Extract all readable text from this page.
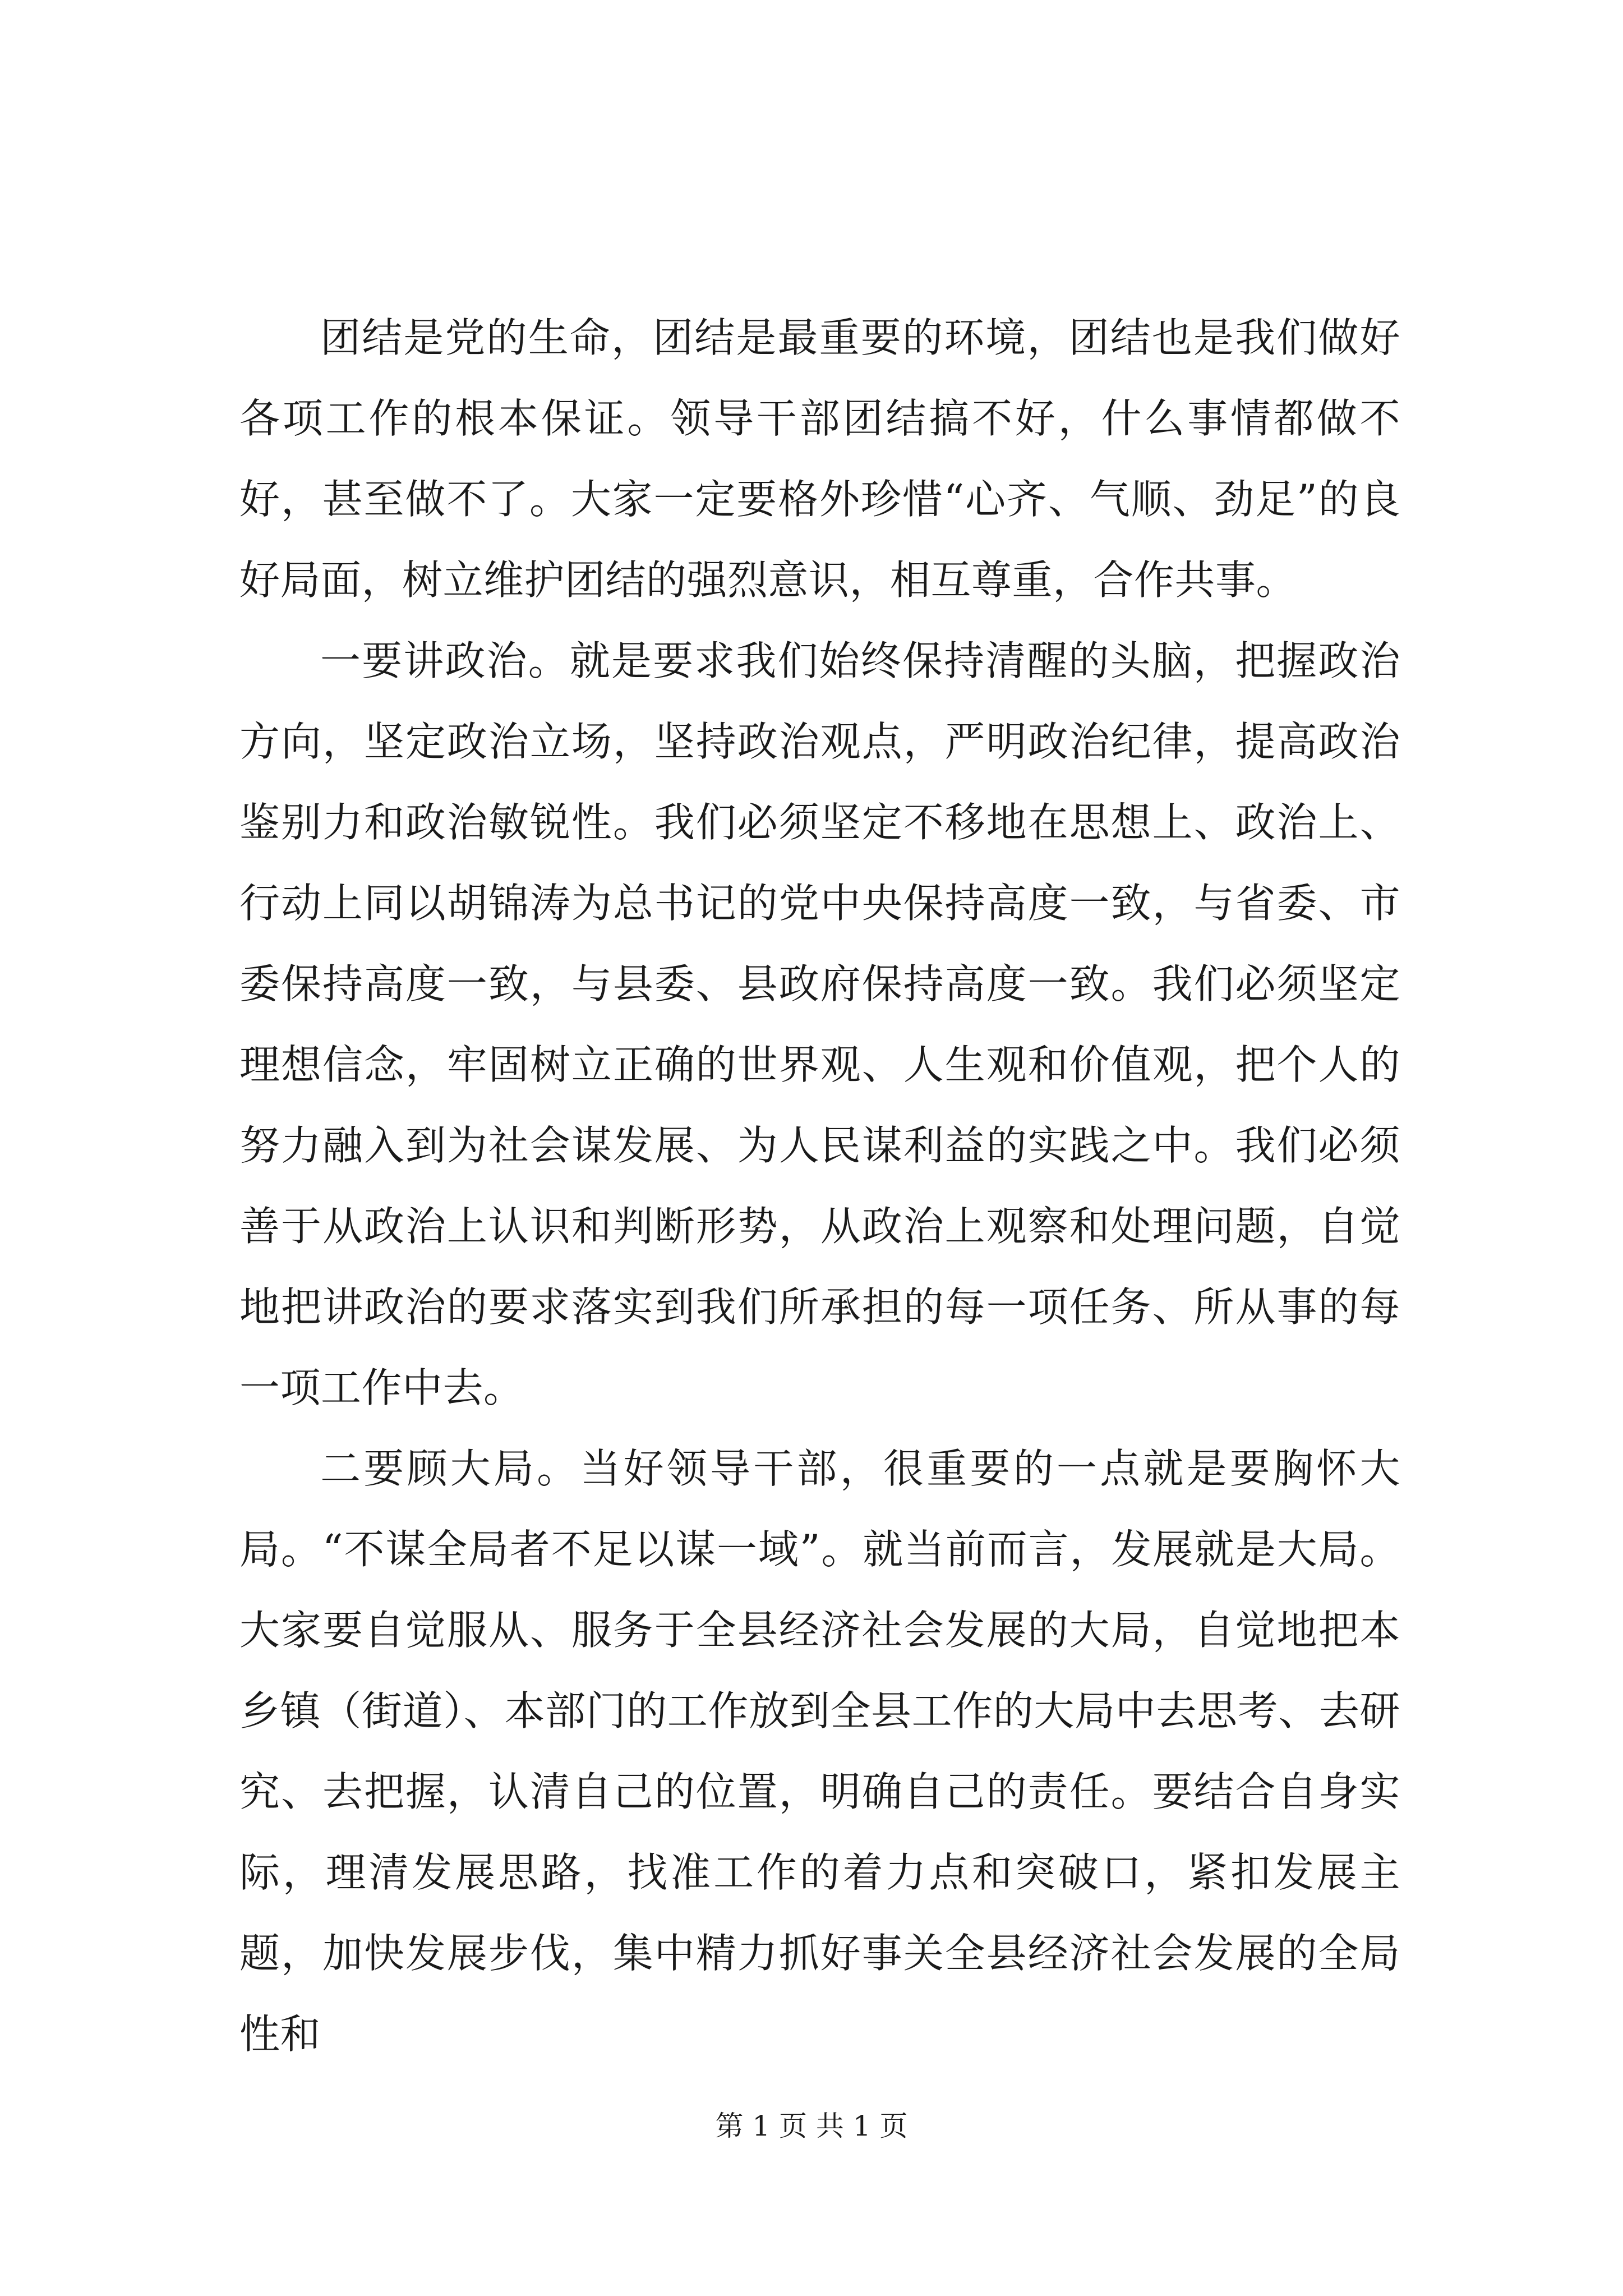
团结是党的生命，团结是最重要的环境，团结也是我们做好各项工作的根本保证。领导干部团结搞不好，什么事情都做不好，甚至做不了。大家一定要格外珍惜“心齐、气顺、劲足”的良好局面，树立维护团结的强烈意识，相互尊重，合作共事。

一要讲政治。就是要求我们始终保持清醒的头脑，把握政治方向，坚定政治立场，坚持政治观点，严明政治纪律，提高政治鉴别力和政治敏锐性。我们必须坚定不移地在思想上、政治上、行动上同以胡锦涛为总书记的党中央保持高度一致，与省委、市委保持高度一致，与县委、县政府保持高度一致。我们必须坚定理想信念，牢固树立正确的世界观、人生观和价值观，把个人的努力融入到为社会谋发展、为人民谋利益的实践之中。我们必须善于从政治上认识和判断形势，从政治上观察和处理问题，自觉地把讲政治的要求落实到我们所承担的每一项任务、所从事的每一项工作中去。

二要顾大局。当好领导干部，很重要的一点就是要胸怀大局。“不谋全局者不足以谋一域”。就当前而言，发展就是大局。大家要自觉服从、服务于全县经济社会发展的大局，自觉地把本乡镇（街道）、本部门的工作放到全县工作的大局中去思考、去研究、去把握，认清自己的位置，明确自己的责任。要结合自身实际，理清发展思路，找准工作的着力点和突破口，紧扣发展主题，加快发展步伐，集中精力抓好事关全县经济社会发展的全局性和

第 1 页 共 1 页
